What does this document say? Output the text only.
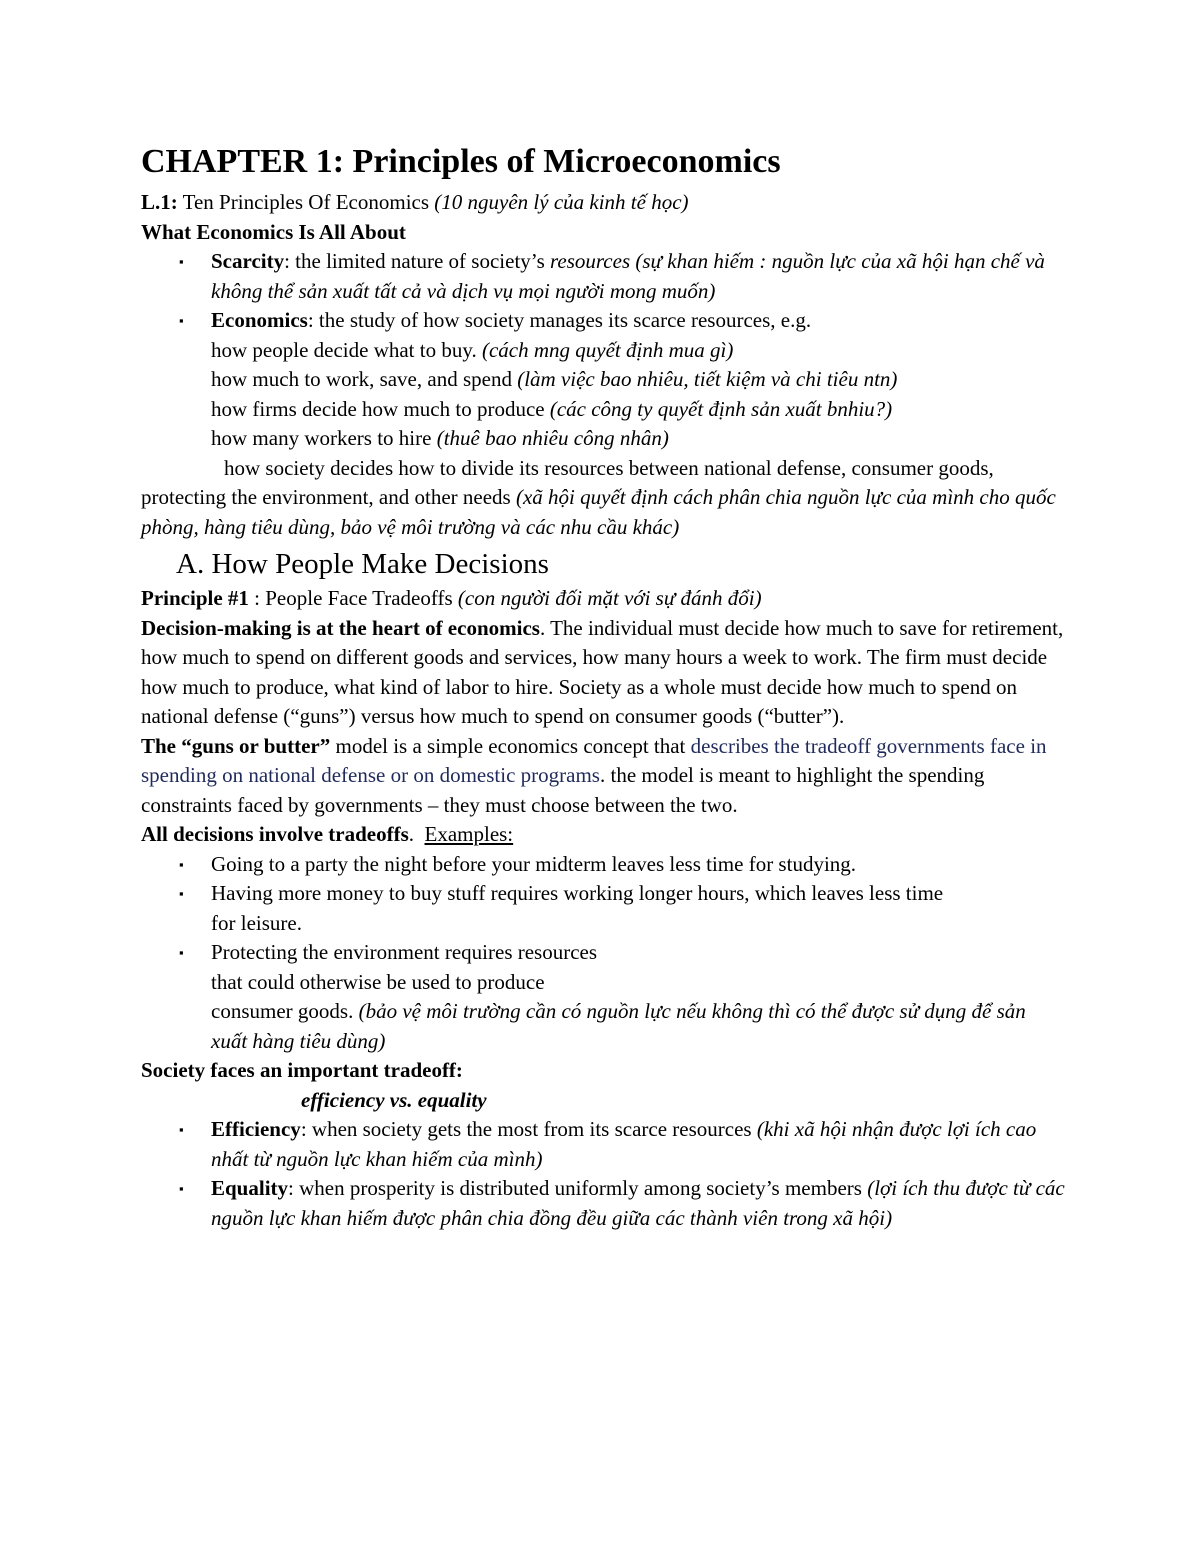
CHAPTER 1: Principles of Microeconomics

L.1: Ten Principles Of Economics (10 nguyên lý của kinh tế học)

What Economics Is All About

▪ Scarcity: the limited nature of society’s resources (sự khan hiếm : nguồn lực của xã hội hạn chế và không thể sản xuất tất cả và dịch vụ mọi người mong muốn)
▪ Economics: the study of how society manages its scarce resources, e.g.

how people decide what to buy. (cách mng quyết định mua gì)

how much to work, save, and spend (làm việc bao nhiêu, tiết kiệm và chi tiêu ntn)

how firms decide how much to produce (các công ty quyết định sản xuất bnhiu?)

how many workers to hire (thuê bao nhiêu công nhân)

how society decides how to divide its resources between national defense, consumer goods, protecting the environment, and other needs (xã hội quyết định cách phân chia nguồn lực của mình cho quốc phòng, hàng tiêu dùng, bảo vệ môi trường và các nhu cầu khác)

A. How People Make Decisions

Principle #1 : People Face Tradeoffs (con người đối mặt với sự đánh đổi)

Decision-making is at the heart of economics. The individual must decide how much to save for retirement, how much to spend on different goods and services, how many hours a week to work. The firm must decide how much to produce, what kind of labor to hire. Society as a whole must decide how much to spend on national defense (“guns”) versus how much to spend on consumer goods (“butter”).

The “guns or butter” model is a simple economics concept that describes the tradeoff governments face in spending on national defense or on domestic programs. the model is meant to highlight the spending constraints faced by governments – they must choose between the two.

All decisions involve tradeoffs.  Examples:

▪ Going to a party the night before your midterm leaves less time for studying.
▪ Having more money to buy stuff requires working longer hours, which leaves less time
for leisure.
▪ Protecting the environment requires resources
that could otherwise be used to produce
consumer goods. (bảo vệ môi trường cần có nguồn lực nếu không thì có thể được sử dụng để sản xuất hàng tiêu dùng)

Society faces an important tradeoff:

efficiency vs. equality

▪ Efficiency: when society gets the most from its scarce resources (khi xã hội nhận được lợi ích cao nhất từ nguồn lực khan hiếm của mình)
▪ Equality: when prosperity is distributed uniformly among society’s members (lợi ích thu được từ các nguồn lực khan hiếm được phân chia đồng đều giữa các thành viên trong xã hội)
